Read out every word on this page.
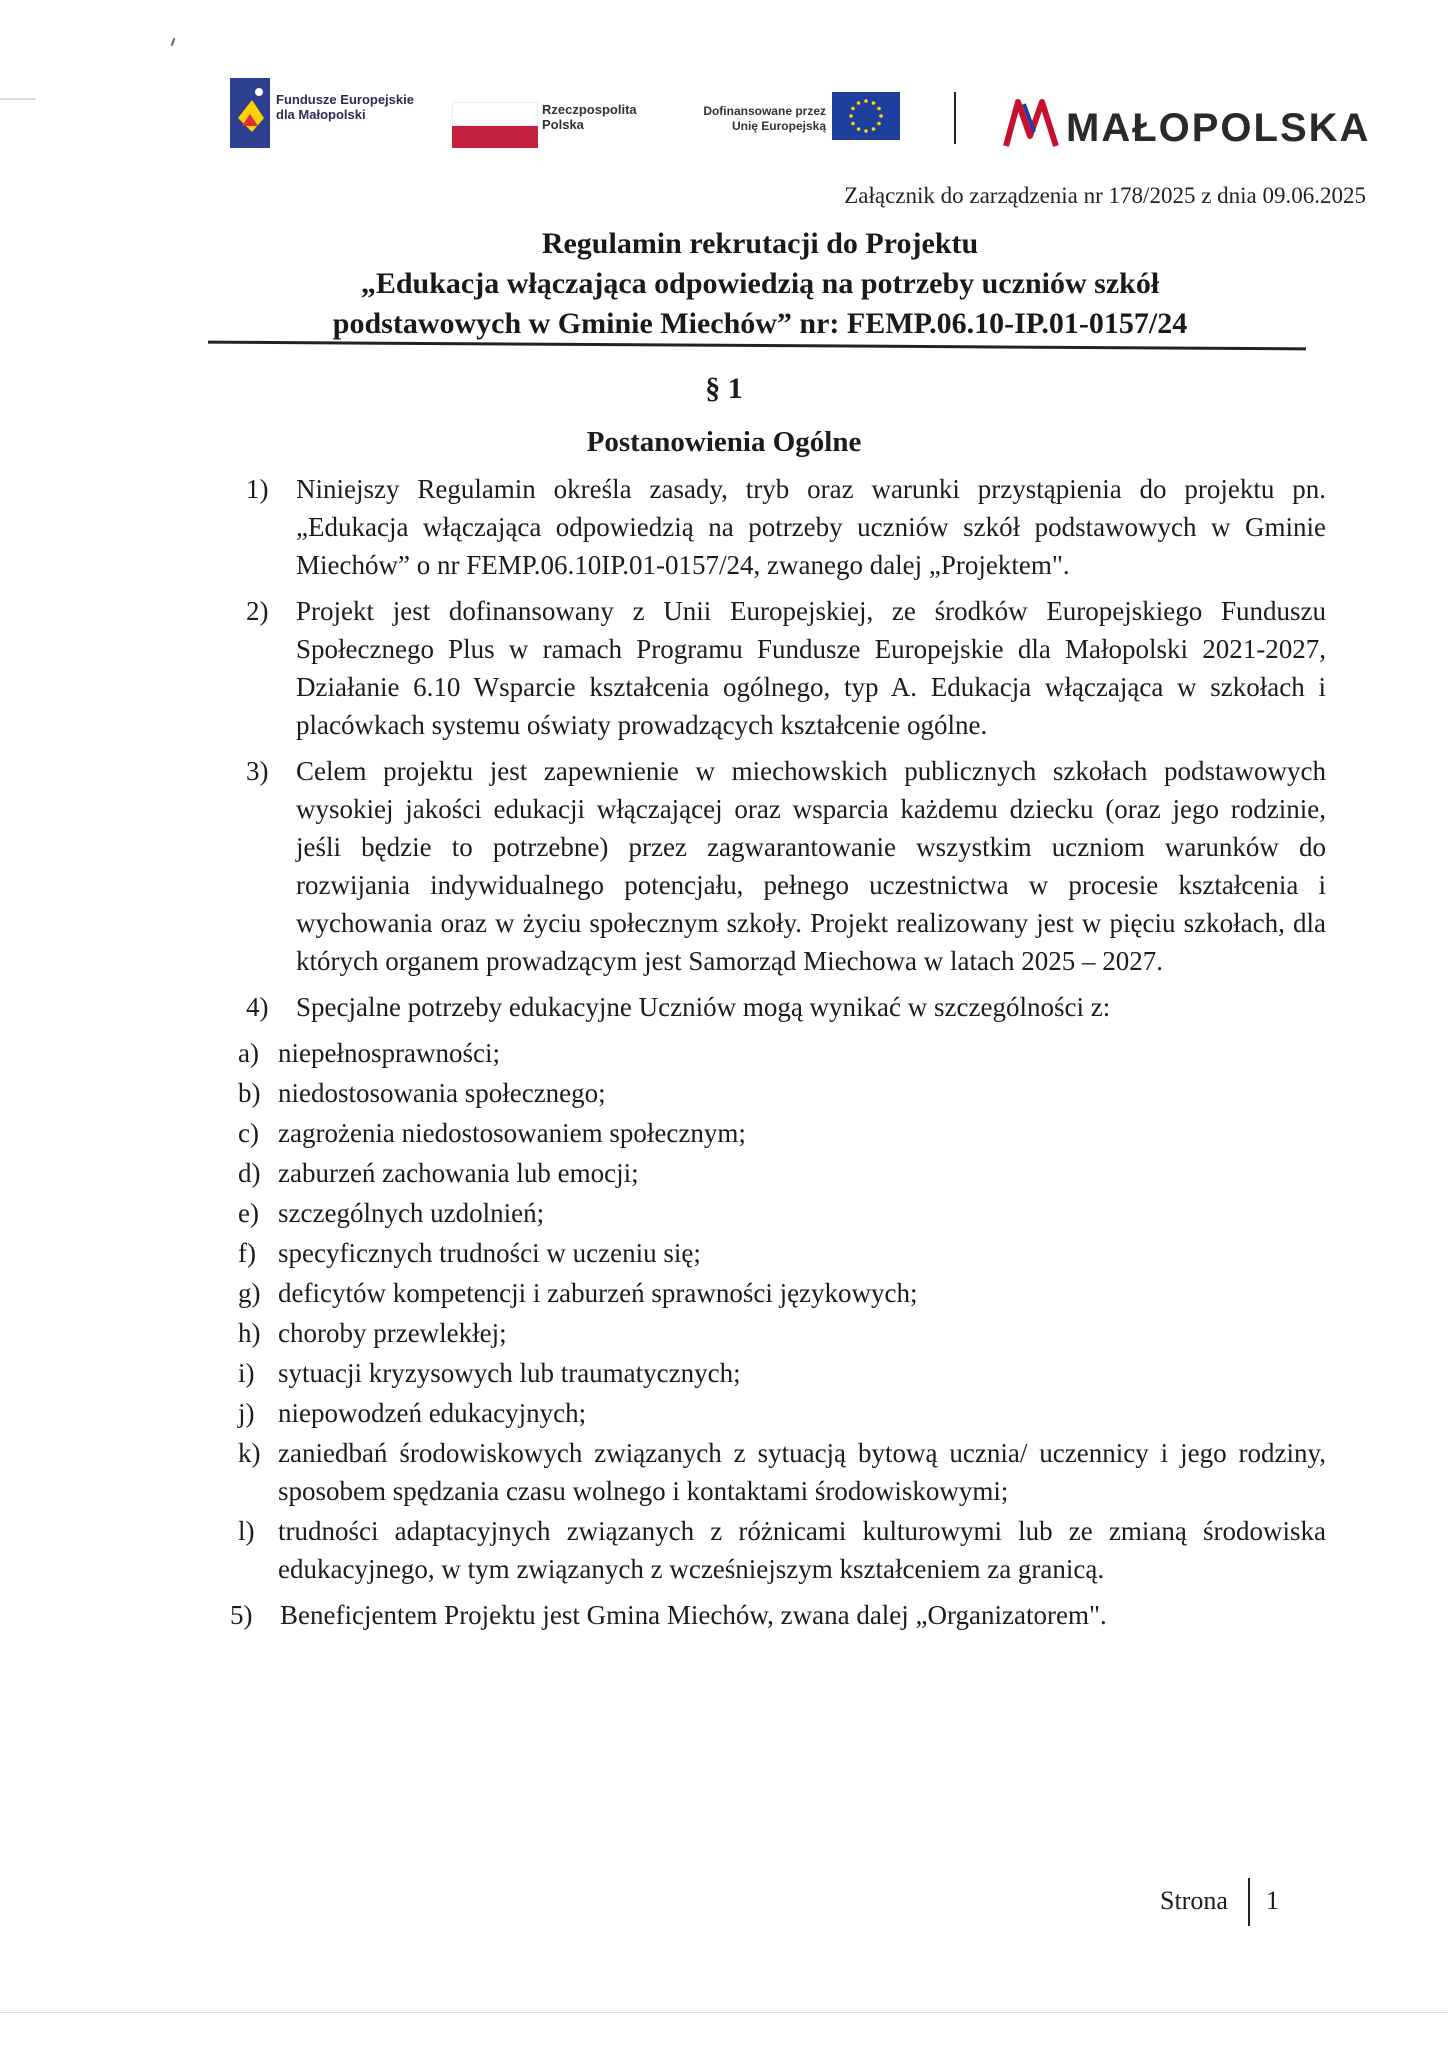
Fundusze Europejskie
dla Małopolski	Rzeczpospolita
Polska
Dofinansowane przez
Unię Europejską	MAŁOPOLSKA
Załącznik do zarządzenia nr 178/2025 z dnia 09.06.2025
Regulamin rekrutacji do Projektu
„Edukacja włączająca odpowiedzią na potrzeby uczniów szkół
podstawowych w Gminie Miechów” nr: FEMP.06.10-IP.01-0157/24
§ 1
Postanowienia Ogólne
1) Niniejszy Regulamin określa zasady, tryb oraz warunki przystąpienia do projektu pn. „Edukacja włączająca odpowiedzią na potrzeby uczniów szkół podstawowych w Gminie Miechów” o nr FEMP.06.10IP.01-0157/24, zwanego dalej „Projektem".
2) Projekt jest dofinansowany z Unii Europejskiej, ze środków Europejskiego Funduszu Społecznego Plus w ramach Programu Fundusze Europejskie dla Małopolski 2021-2027, Działanie 6.10 Wsparcie kształcenia ogólnego, typ A. Edukacja włączająca w szkołach i placówkach systemu oświaty prowadzących kształcenie ogólne.
3) Celem projektu jest zapewnienie w miechowskich publicznych szkołach podstawowych wysokiej jakości edukacji włączającej oraz wsparcia każdemu dziecku (oraz jego rodzinie, jeśli będzie to potrzebne) przez zagwarantowanie wszystkim uczniom warunków do rozwijania indywidualnego potencjału, pełnego uczestnictwa w procesie kształcenia i wychowania oraz w życiu społecznym szkoły. Projekt realizowany jest w pięciu szkołach, dla których organem prowadzącym jest Samorząd Miechowa w latach 2025 – 2027.
4) Specjalne potrzeby edukacyjne Uczniów mogą wynikać w szczególności z:
a) niepełnosprawności;
b) niedostosowania społecznego;
c) zagrożenia niedostosowaniem społecznym;
d) zaburzeń zachowania lub emocji;
e) szczególnych uzdolnień;
f) specyficznych trudności w uczeniu się;
g) deficytów kompetencji i zaburzeń sprawności językowych;
h) choroby przewlekłej;
i) sytuacji kryzysowych lub traumatycznych;
j) niepowodzeń edukacyjnych;
k) zaniedbań środowiskowych związanych z sytuacją bytową ucznia/ uczennicy i jego rodziny, sposobem spędzania czasu wolnego i kontaktami środowiskowymi;
l) trudności adaptacyjnych związanych z różnicami kulturowymi lub ze zmianą środowiska edukacyjnego, w tym związanych z wcześniejszym kształceniem za granicą.
5) Beneficjentem Projektu jest Gmina Miechów, zwana dalej „Organizatorem".
Strona 1
